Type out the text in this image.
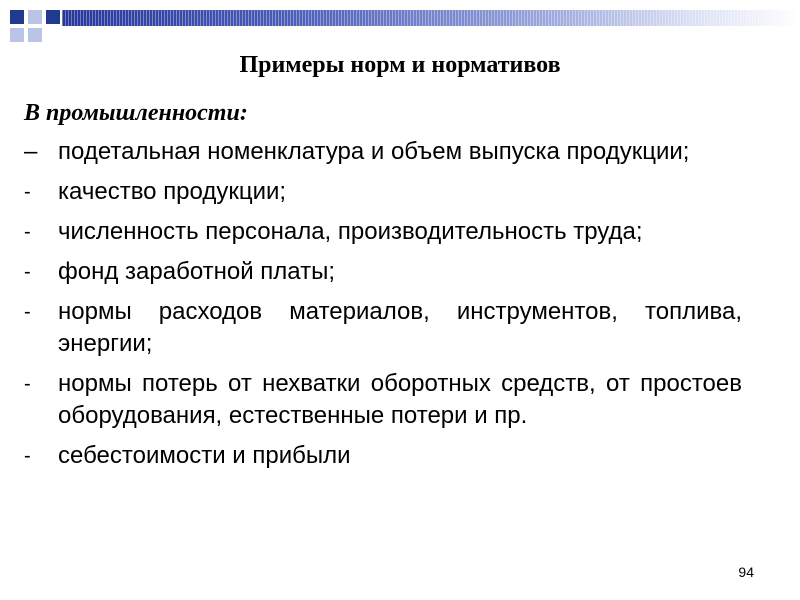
Примеры норм и нормативов
В промышленности:
– подетальная номенклатура и объем выпуска продукции;
-	качество продукции;
-	численность персонала, производительность труда;
-	фонд заработной платы;
-	нормы расходов материалов, инструментов, топлива, энергии;
-	нормы потерь от нехватки оборотных средств, от простоев оборудования, естественные потери и пр.
-	себестоимости и прибыли
94
